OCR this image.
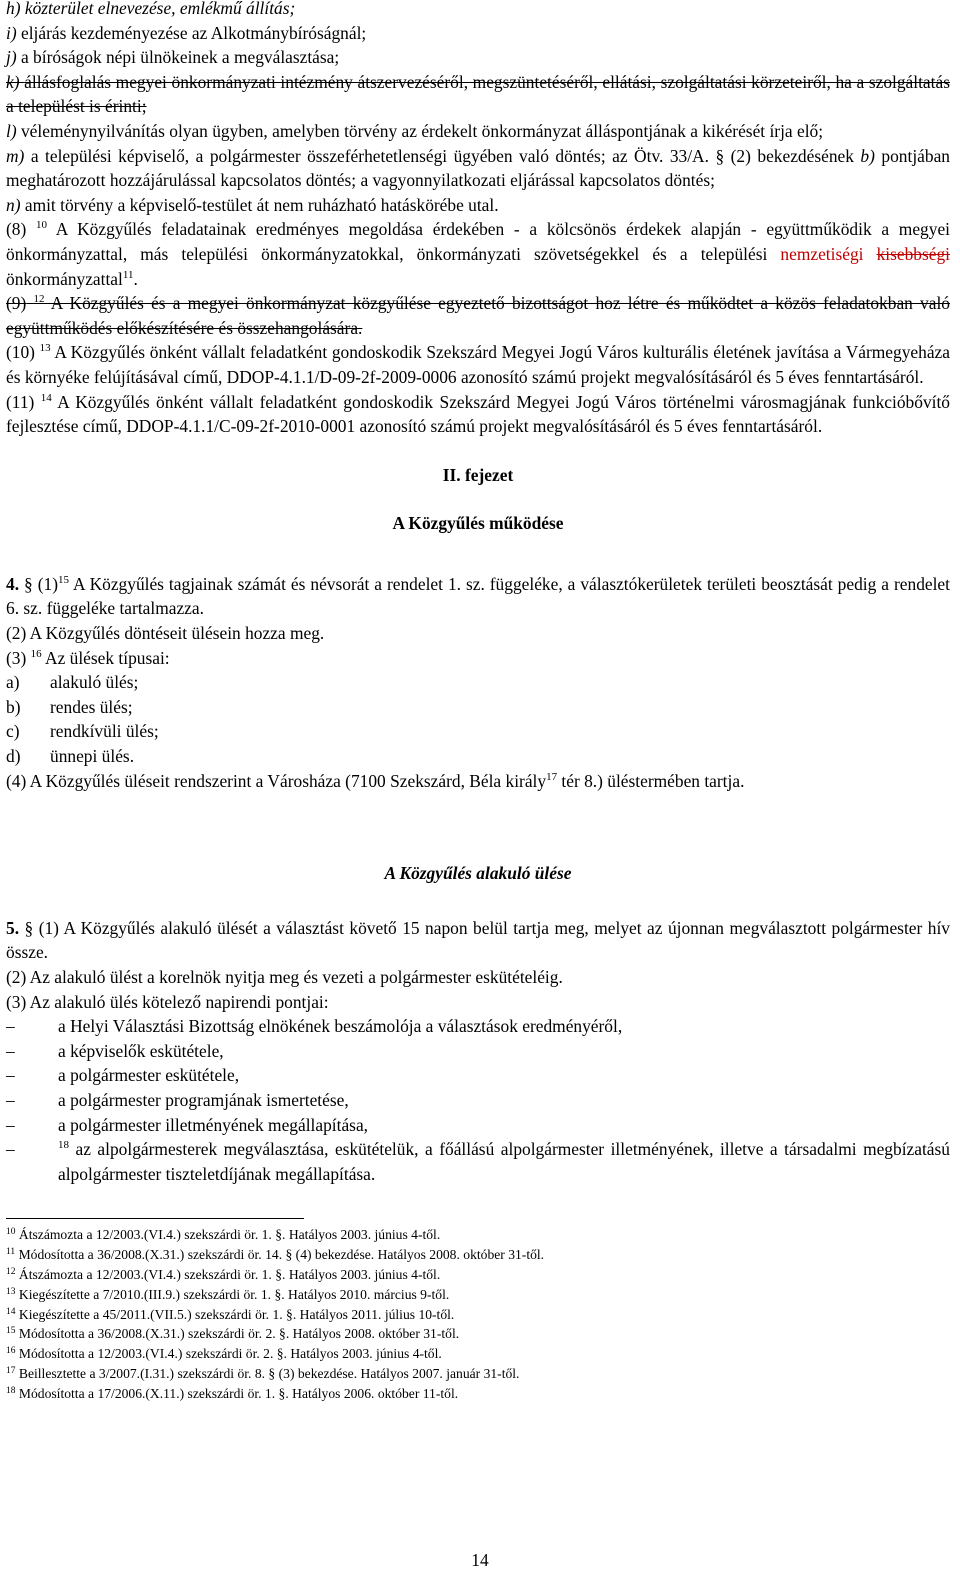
h) közterület elnevezése, emlékmű állítás;

i) eljárás kezdeményezése az Alkotmánybíróságnál;

j) a bíróságok népi ülnökeinek a megválasztása;

k) állásfoglalás megyei önkormányzati intézmény átszervezéséről, megszüntetéséről, ellátási, szolgáltatási körzeteiről, ha a szolgáltatás a települést is érinti;

l) véleménynyilvánítás olyan ügyben, amelyben törvény az érdekelt önkormányzat álláspontjának a kikérését írja elő;

m) a települési képviselő, a polgármester összeférhetetlenségi ügyében való döntés; az Ötv. 33/A. § (2) bekezdésének b) pontjában meghatározott hozzájárulással kapcsolatos döntés; a vagyonnyilatkozati eljárással kapcsolatos döntés;

n) amit törvény a képviselő-testület át nem ruházható hatáskörébe utal.

(8) $^{10}$ A Közgyűlés feladatainak eredményes megoldása érdekében - a kölcsönös érdekek alapján - együttműködik a megyei önkormányzattal, más települési önkormányzatokkal, önkormányzati szövetségekkel és a települési nemzetiségi kisebbségi önkormányzattal$^{11}$.

(9) $^{12}$ A Közgyűlés és a megyei önkormányzat közgyűlése egyeztető bizottságot hoz létre és működtet a közös feladatokban való együttműködés előkészítésére és összehangolására.

(10) $^{13}$ A Közgyűlés önként vállalt feladatként gondoskodik Szekszárd Megyei Jogú Város kulturális életének javítása a Vármegyeháza és környéke felújításával című, DDOP-4.1.1/D-09-2f-2009-0006 azonosító számú projekt megvalósításáról és 5 éves fenntartásáról.

(11) $^{14}$ A Közgyűlés önként vállalt feladatként gondoskodik Szekszárd Megyei Jogú Város történelmi városmagjának funkcióbővítő fejlesztése című, DDOP-4.1.1/C-09-2f-2010-0001 azonosító számú projekt megvalósításáról és 5 éves fenntartásáról.

II. fejezet

A Közgyűlés működése

4. § $(1)^{15}$ A Közgyűlés tagjainak számát és névsorát a rendelet 1. sz. függeléke, a választókerületek területi beosztását pedig a rendelet 6. sz. függeléke tartalmazza.

(2) A Közgyűlés döntéseit ülésein hozza meg.

(3) $^{16}$ Az ülések típusai:

a)	alakuló ülés;
b)	rendes ülés;
c)	rendkívüli ülés;
d)	ünnepi ülés.

(4) A Közgyűlés üléseit rendszerint a Városháza (7100 Szekszárd, Béla király$^{17}$ tér 8.) üléstermében tartja.

A Közgyűlés alakuló ülése

5. § (1) A Közgyűlés alakuló ülését a választást követő 15 napon belül tartja meg, melyet az újonnan megválasztott polgármester hív össze.

(2) Az alakuló ülést a korelnök nyitja meg és vezeti a polgármester eskütételéig.

(3) Az alakuló ülés kötelező napirendi pontjai:

–	a Helyi Választási Bizottság elnökének beszámolója a választások eredményéről,
–	a képviselők eskütétele,
–	a polgármester eskütétele,
–	a polgármester programjának ismertetése,
–	a polgármester illetményének megállapítása,
–	$^{18}$ az alpolgármesterek megválasztása, eskütételük, a főállású alpolgármester illetményének, illetve a társadalmi megbízatású alpolgármester tiszteletdíjának megállapítása.

$^{10}$ Átszámozta a 12/2003.(VI.4.) szekszárdi ör. 1. §. Hatályos 2003. június 4-től.

$^{11}$ Módosította a 36/2008.(X.31.) szekszárdi ör. 14. § (4) bekezdése. Hatályos 2008. október 31-től.

$^{12}$ Átszámozta a 12/2003.(VI.4.) szekszárdi ör. 1. §. Hatályos 2003. június 4-től.

$^{13}$ Kiegészítette a 7/2010.(III.9.) szekszárdi ör. 1. §. Hatályos 2010. március 9-től.

$^{14}$ Kiegészítette a 45/2011.(VII.5.) szekszárdi ör. 1. §. Hatályos 2011. július 10-től.

$^{15}$ Módosította a 36/2008.(X.31.) szekszárdi ör. 2. §. Hatályos 2008. október 31-től.

$^{16}$ Módosította a 12/2003.(VI.4.) szekszárdi ör. 2. §. Hatályos 2003. június 4-től.

$^{17}$ Beillesztette a 3/2007.(I.31.) szekszárdi ör. 8. § (3) bekezdése. Hatályos 2007. január 31-től.

$^{18}$ Módosította a 17/2006.(X.11.) szekszárdi ör. 1. §. Hatályos 2006. október 11-től.

14
